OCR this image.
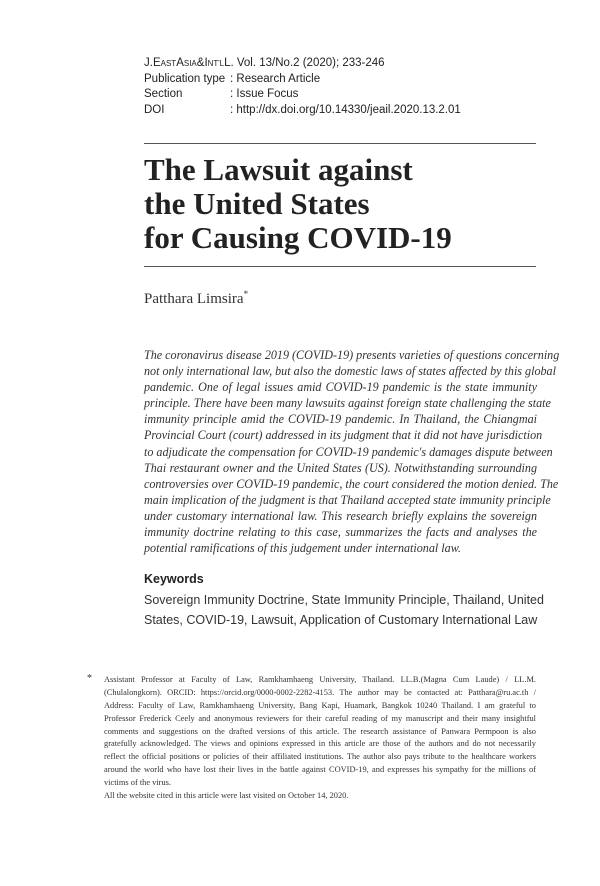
J. East Asia & Int ' l L. Vol. 13/No.2 (2020); 233-246
Publication type : Research Article
Section	: Issue Focus
DOI	: http://dx.doi.org/10.14330/jeail.2020.13.2.01
The Lawsuit against
the United States
for Causing COVID-19
Patthara Limsira*
The coronavirus disease 2019 (COVID-19) presents varieties of questions concerning
not only international law, but also the domestic laws of states affected by this global
pandemic. One of legal issues amid COVID-19 pandemic is the state immunity
principle. There have been many lawsuits against foreign state challenging the state
immunity principle amid the COVID-19 pandemic. In Thailand, the Chiangmai
Provincial Court (court) addressed in its judgment that it did not have jurisdiction
to adjudicate the compensation for COVID-19 pandemic's damages dispute between
Thai restaurant owner and the United States (US). Notwithstanding surrounding
controversies over COVID-19 pandemic, the court considered the motion denied. The
main implication of the judgment is that Thailand accepted state immunity principle
under customary international law. This research briefly explains the sovereign
immunity doctrine relating to this case, summarizes the facts and analyses the
potential ramifications of this judgement under international law.
Keywords
Sovereign Immunity Doctrine, State Immunity Principle, Thailand, United
States, COVID-19, Lawsuit, Application of Customary International Law
* Assistant Professor at Faculty of Law, Ramkhamhaeng University, Thailand. LL.B.(Magna Cum Laude) / LL.M.
(Chulalongkorn). ORCID: https://orcid.org/0000-0002-2282-4153. The author may be contacted at: Patthara@ru.ac.th /
Address: Faculty of Law, Ramkhamhaeng University, Bang Kapi, Huamark, Bangkok 10240 Thailand. I am grateful to
Professor Frederick Ceely and anonymous reviewers for their careful reading of my manuscript and their many insightful
comments and suggestions on the drafted versions of this article. The research assistance of Panwara Permpoon is also
gratefully acknowledged. The views and opinions expressed in this article are those of the authors and do not necessarily
reflect the official positions or policies of their affiliated institutions. The author also pays tribute to the healthcare workers
around the world who have lost their lives in the battle against COVID-19, and expresses his sympathy for the millions of
victims of the virus.
All the website cited in this article were last visited on October 14, 2020.
